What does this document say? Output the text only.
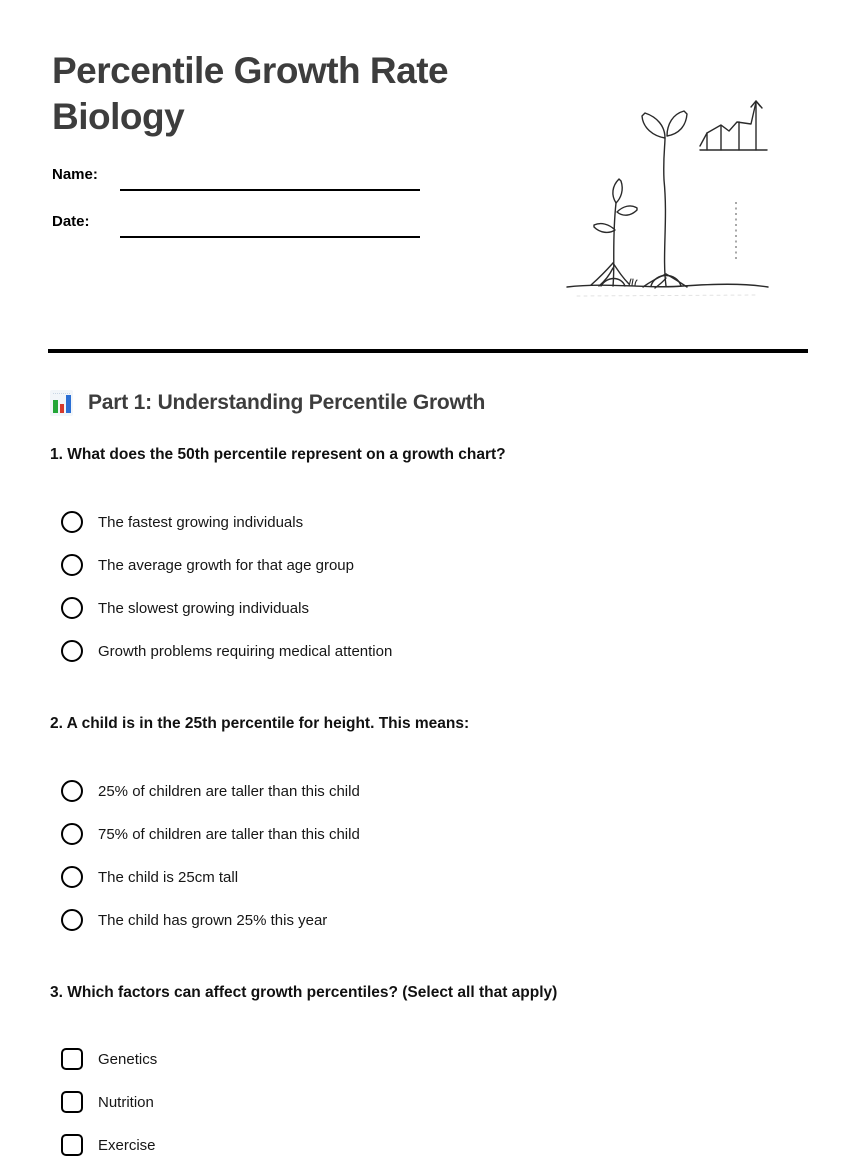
Percentile Growth Rate Biology
Name:
Date:
Part 1: Understanding Percentile Growth
1. What does the 50th percentile represent on a growth chart?
The fastest growing individuals
The average growth for that age group
The slowest growing individuals
Growth problems requiring medical attention
2. A child is in the 25th percentile for height. This means:
25% of children are taller than this child
75% of children are taller than this child
The child is 25cm tall
The child has grown 25% this year
3. Which factors can affect growth percentiles? (Select all that apply)
Genetics
Nutrition
Exercise
